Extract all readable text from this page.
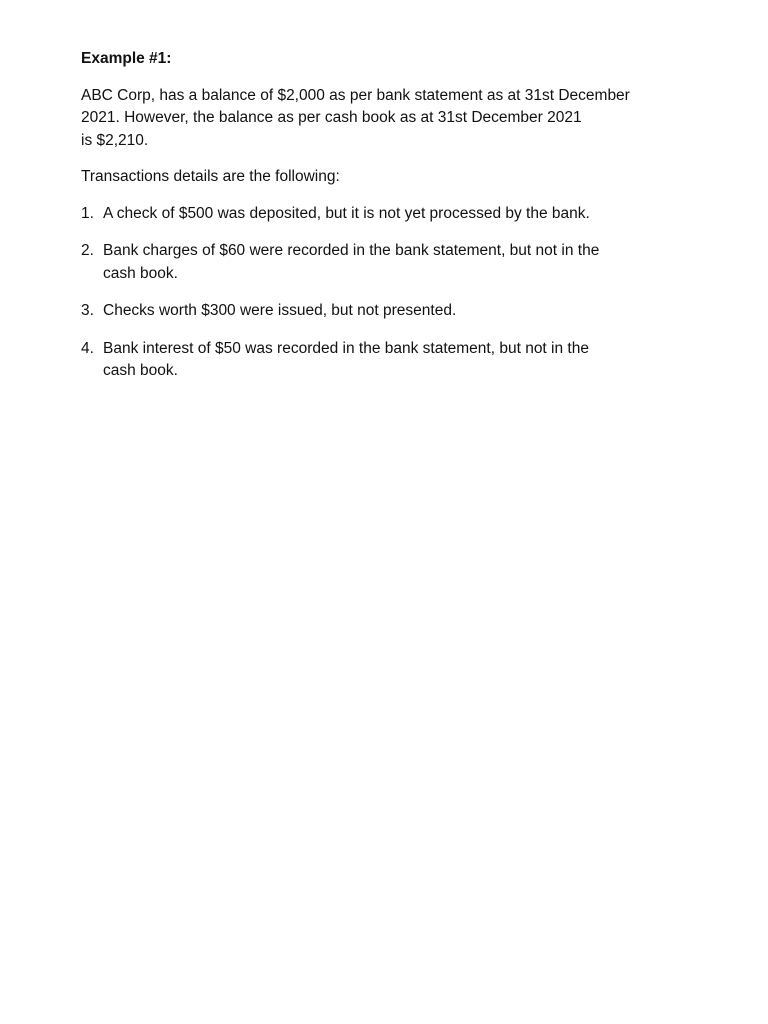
Example #1:

ABC Corp, has a balance of $2,000 as per bank statement as at 31st December
2021. However, the balance as per cash book as at 31st December 2021
is $2,210.

Transactions details are the following:

1. A check of $500 was deposited, but it is not yet processed by the bank.
2. Bank charges of $60 were recorded in the bank statement, but not in the
cash book.
3. Checks worth $300 were issued, but not presented.
4. Bank interest of $50 was recorded in the bank statement, but not in the
cash book.
